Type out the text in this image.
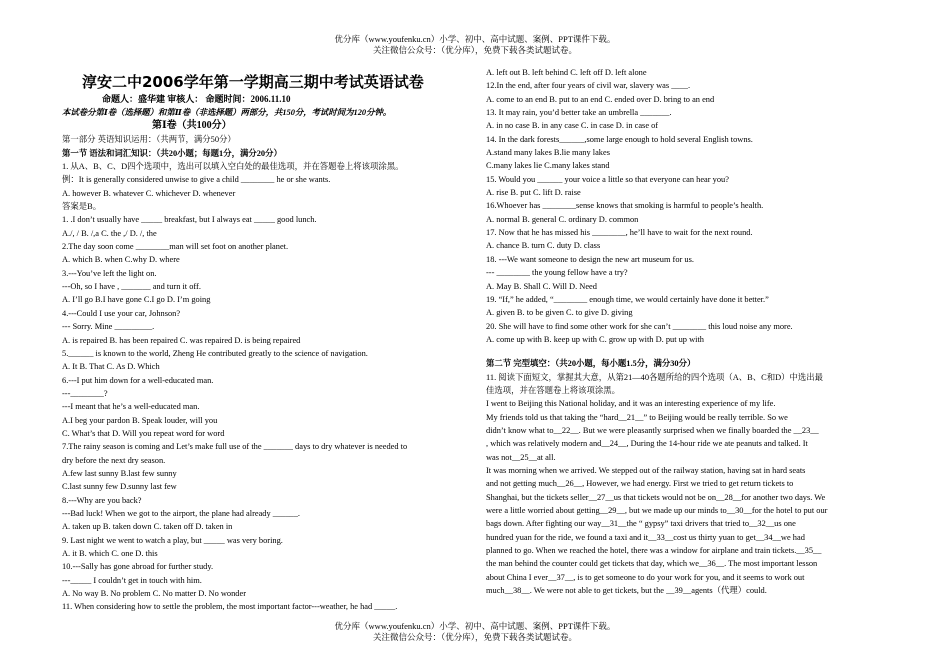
优分库（www.youfenku.cn）小学、初中、高中试题、案例、PPT课件下载。
关注微信公众号：（优分库），免费下载各类试题试卷。
淳安二中2006学年第一学期高三期中考试英语试卷
命题人：盛华建 审核人： 命题时间：2006.11.10
本试卷分第Ⅰ卷（选择题）和第Ⅱ卷（非选择题）两部分，共150分，考试时间为120分钟。
第Ⅰ卷（共100分）
第一部分 英语知识运用：（共两节，满分50分）
第一节 语法和词汇知识：（共20小题；每题1分，满分20分）
1. 从A、B、C、D四个选项中，选出可以填入空白处的最佳选项，并在答题卷上将该项涂黑。
例：It is generally considered unwise to give a child ________ he or she wants.
A. however B. whatever C. whichever D. whenever
答案是B。
1. .I don’t usually have _____ breakfast, but I always eat _____ good lunch.
A./, / B. /,a C. the ,/ D. /, the
2.The day soon come ________man will set foot on another planet.
A. which B. when C.why D. where
3.---You’ve left the light on.
---Oh, so I have , _______ and turn it off.
A. I’ll go B.I have gone C.I go D. I’m going
4.---Could I use your car, Johnson?
--- Sorry. Mine _________.
A. is repaired B. has been repaired C. was repaired D. is being repaired
5.______ is known to the world, Zheng He contributed greatly to the science of navigation.
A. It B. That C. As D. Which
6.---I put him down for a well-educated man.
---________?
---I meant that he’s a well-educated man.
A.I beg your pardon B. Speak louder, will you
C. What’s that D. Will you repeat word for word
7.The rainy season is coming and Let’s make full use of the _______ days to dry whatever is needed to
dry before the next dry season.
A.few last sunny B.last few sunny
C.last sunny few D.sunny last few
8.---Why are you back?
---Bad luck! When we got to the airport, the plane had already ______.
A. taken up B. taken down C. taken off D. taken in
9. Last night we went to watch a play, but _____ was very boring.
A. it B. which C. one D. this
10.---Sally has gone abroad for further study.
---_____ I couldn’t get in touch with him.
A. No way B. No problem C. No matter D. No wonder
11. When considering how to settle the problem, the most important factor---weather, he had _____.
A. left out B. left behind C. left off D. left alone
12.In the end, after four years of civil war, slavery was ____.
A. come to an end B. put to an end C. ended over D. bring to an end
13. It may rain, you’d better take an umbrella _______.
A. in no case B. in any case C. in case D. in case of
14. In the dark forests______,some large enough to hold several English towns.
A.stand many lakes B.lie many lakes
C.many lakes lie C.many lakes stand
15. Would you ______ your voice a little so that everyone can hear you?
A. rise B. put C. lift D. raise
16.Whoever has ________sense knows that smoking is harmful to people’s health.
A. normal B. general C. ordinary D. common
17. Now that he has missed his ________, he’ll have to wait for the next round.
A. chance B. turn C. duty D. class
18. ---We want someone to design the new art museum for us.
--- ________ the young fellow have a try?
A. May B. Shall C. Will D. Need
19. “If,” he added, “________ enough time, we would certainly have done it better.”
A. given B. to be given C. to give D. giving
20. She will have to find some other work for she can’t ________ this loud noise any more.
A. come up with B. keep up with C. grow up with D. put up with
第二节 完型填空：（共20小题，每小题1.5分，满分30分）
11. 阅读下面短文，掌握其大意，从第21—40各题所给的四个选项（A、B、C和D）中选出最
佳选项，并在答题卷上将该项涂黑。
I went to Beijing this National holiday, and it was an interesting experience of my life.
My friends told us that taking the “hard__21__” to Beijing would be really terrible. So we
didn’t know what to__22__. But we were pleasantly surprised when we finally boarded the __23__
, which was relatively modern and__24__, During the 14-hour ride we ate peanuts and talked. It
was not__25__at all.
It was morning when we arrived. We stepped out of the railway station, having sat in hard seats
and not getting much__26__, However, we had energy. First we tried to get return tickets to
Shanghai, but the tickets seller__27__us that tickets would not be on__28__for another two days. We
were a little worried about getting__29__, but we made up our minds to__30__for the hotel to put our
bags down. After fighting our way__31__the “ gypsy” taxi drivers that tried to__32__us one
hundred yuan for the ride, we found a taxi and it__33__cost us thirty yuan to get__34__we had
planned to go. When we reached the hotel, there was a window for airplane and train tickets.__35__
the man behind the counter could get tickets that day, which we__36__. The most important lesson
about China I ever__37__, is to get someone to do your work for you, and it seems to work out
much__38__. We were not able to get tickets, but the __39__agents（代理）could.
优分库（www.youfenku.cn）小学、初中、高中试题、案例、PPT课件下载。
关注微信公众号：（优分库），免费下载各类试题试卷。
